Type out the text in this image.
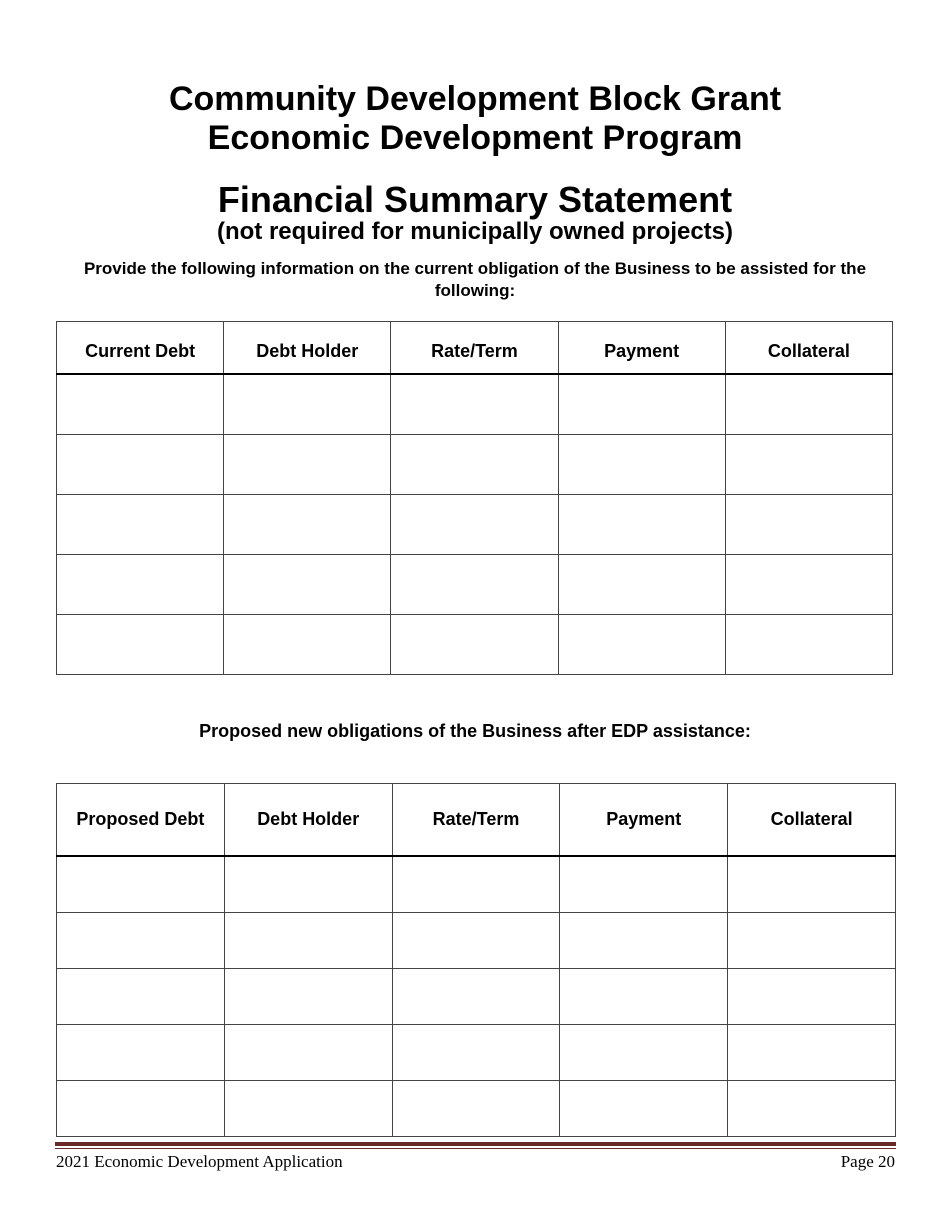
Community Development Block Grant
Economic Development Program
Financial Summary Statement
(not required for municipally owned projects)
Provide the following information on the current obligation of the Business to be assisted for the following:
Current Debt	Debt Holder	Rate/Term	Payment	Collateral

Proposed new obligations of the Business after EDP assistance:
Proposed Debt	Debt Holder	Rate/Term	Payment	Collateral

2021 Economic Development Application	Page 20
